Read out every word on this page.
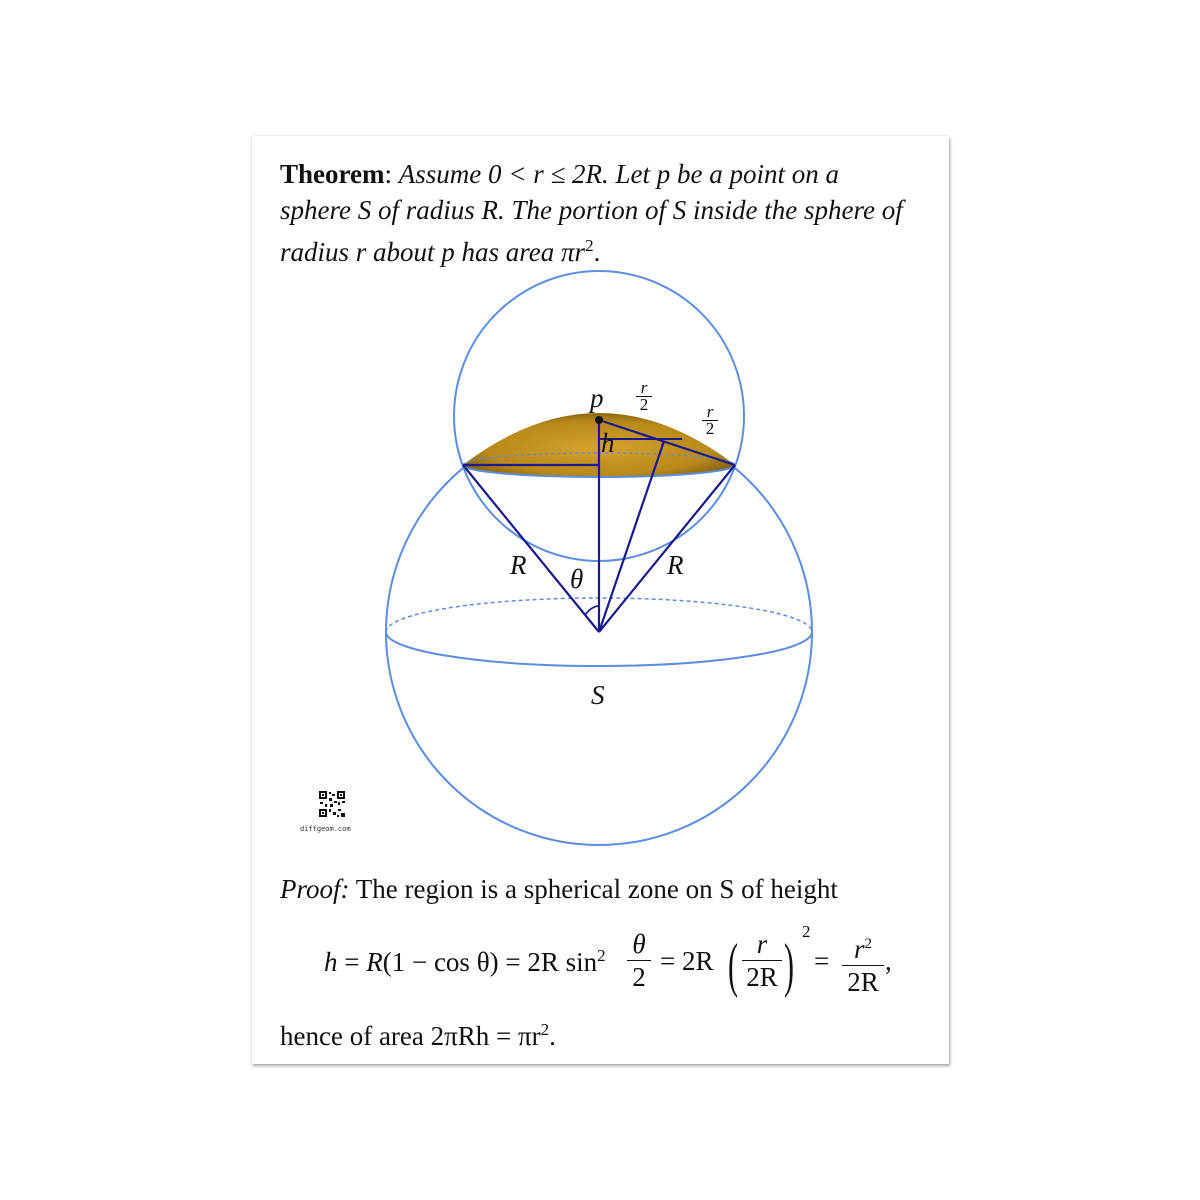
Theorem: Assume 0 < r ≤ 2R. Let p be a point on a
sphere S of radius R. The portion of S inside the sphere of
radius r about p has area $\pi r^2$.
p r
2	r
2
h
R	R
θ
S
diffgeom.com
Proof: The region is a spherical zone on S of height
h = R(1 − cos θ) = 2R $\sin^2 \theta$
2
= 2R ( r
2R )
2
= $r^2$
2R
,
hence of area $2\pi Rh = \pi r^2$.
